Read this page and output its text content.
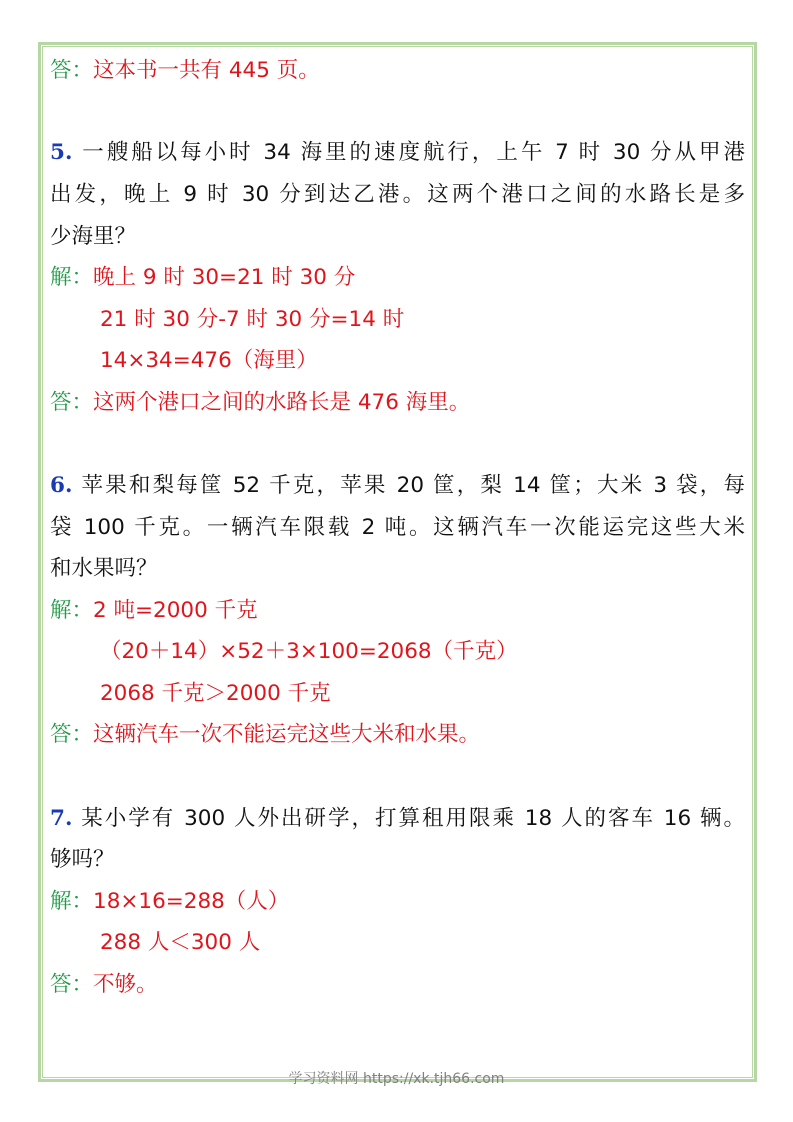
答：这本书一共有 445 页。
5. 一艘船以每小时 34 海里的速度航行，上午 7 时 30 分从甲港
出发，晚上 9 时 30 分到达乙港。这两个港口之间的水路长是多
少海里？
解：晚上 9 时 30=21 时 30 分
21 时 30 分-7 时 30 分=14 时
14×34=476（海里）
答：这两个港口之间的水路长是 476 海里。
6. 苹果和梨每筐 52 千克，苹果 20 筐，梨 14 筐；大米 3 袋，每
袋 100 千克。一辆汽车限载 2 吨。这辆汽车一次能运完这些大米
和水果吗？
解：2 吨=2000 千克
（20＋14）×52＋3×100=2068（千克）
2068 千克＞2000 千克
答：这辆汽车一次不能运完这些大米和水果。
7. 某小学有 300 人外出研学，打算租用限乘 18 人的客车 16 辆。
够吗？
解：18×16=288（人）
288 人＜300 人
答：不够。
学习资料网 https://xk.tjh66.com
